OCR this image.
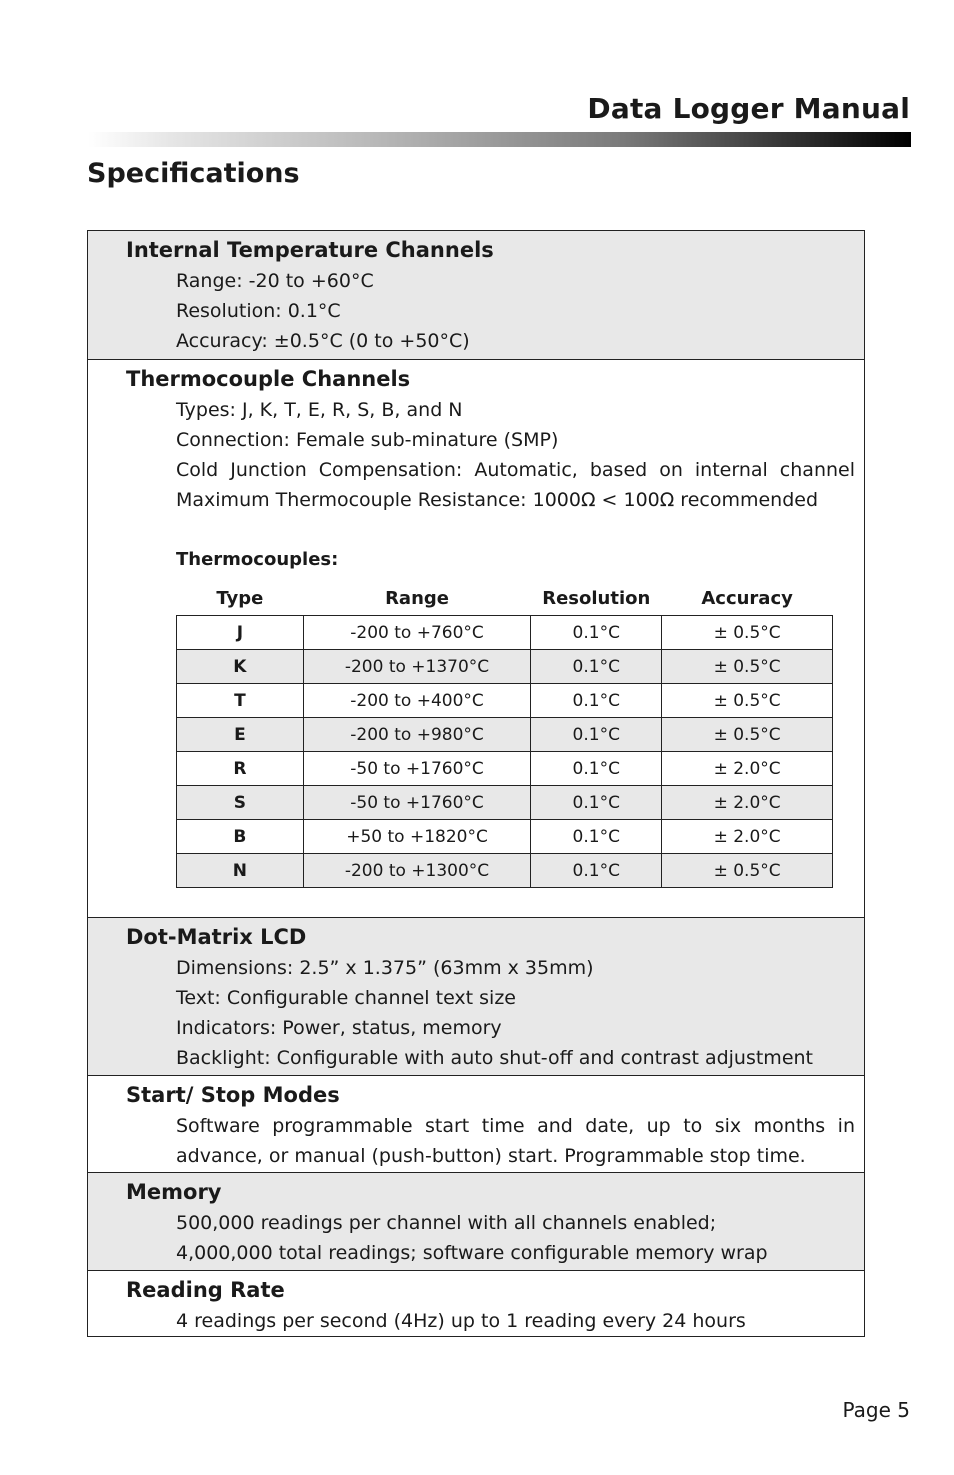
Data Logger Manual
Specifications
Internal Temperature Channels
Range: -20 to +60°C
Resolution: 0.1°C
Accuracy: ±0.5°C (0 to +50°C)
Thermocouple Channels
Types: J, K, T, E, R, S, B, and N
Connection: Female sub-minature (SMP)
Cold Junction Compensation: Automatic, based on internal channel
Maximum Thermocouple Resistance: 1000Ω < 100Ω recommended
Thermocouples:
Type	Range	Resolution	Accuracy
J	-200 to +760°C	0.1°C	± 0.5°C
K	-200 to +1370°C	0.1°C	± 0.5°C
T	-200 to +400°C	0.1°C	± 0.5°C
E	-200 to +980°C	0.1°C	± 0.5°C
R	-50 to +1760°C	0.1°C	± 2.0°C
S	-50 to +1760°C	0.1°C	± 2.0°C
B	+50 to +1820°C	0.1°C	± 2.0°C
N	-200 to +1300°C	0.1°C	± 0.5°C
Dot-Matrix LCD
Dimensions: 2.5” x 1.375” (63mm x 35mm)
Text: Configurable channel text size
Indicators: Power, status, memory
Backlight: Configurable with auto shut-off and contrast adjustment
Start/ Stop Modes
Software programmable start time and date, up to six months in
advance, or manual (push-button) start. Programmable stop time.
Memory
500,000 readings per channel with all channels enabled;
4,000,000 total readings; software configurable memory wrap
Reading Rate
4 readings per second (4Hz) up to 1 reading every 24 hours
Page 5
